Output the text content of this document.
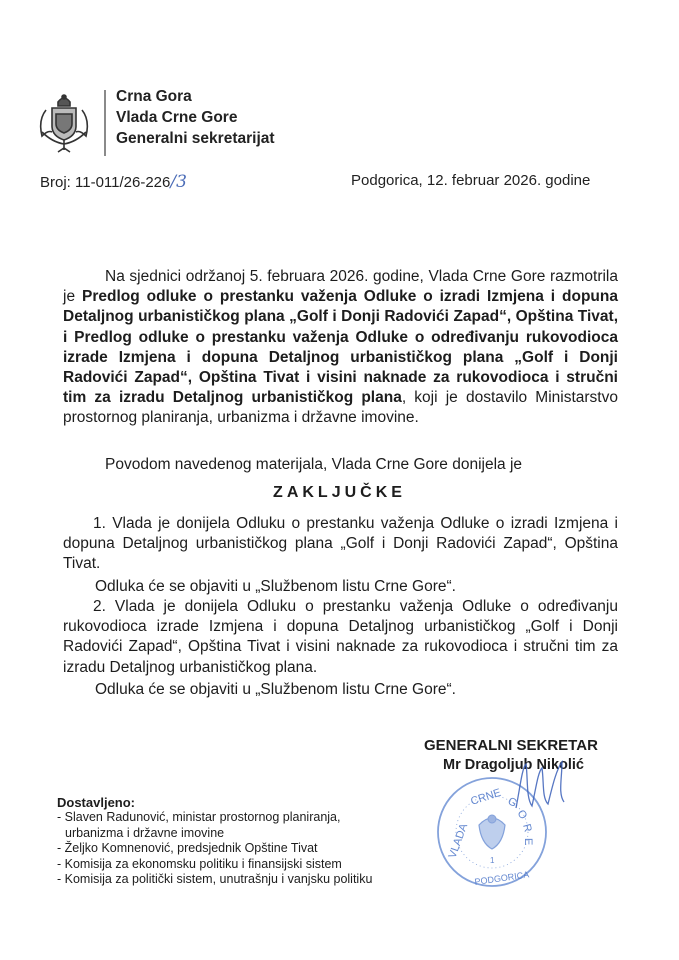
Crna Gora
Vlada Crne Gore
Generalni sekretarijat
Broj: 11-011/26-226/3	Podgorica, 12. februar 2026. godine
Na sjednici održanoj 5. februara 2026. godine, Vlada Crne Gore razmotrila je Predlog odluke o prestanku važenja Odluke o izradi Izmjena i dopuna Detaljnog urbanističkog plana „Golf i Donji Radovići Zapad“, Opština Tivat, i Predlog odluke o prestanku važenja Odluke o određivanju rukovodioca izrade Izmjena i dopuna Detaljnog urbanističkog plana „Golf i Donji Radovići Zapad“, Opština Tivat i visini naknade za rukovodioca i stručni tim za izradu Detaljnog urbanističkog plana, koji je dostavilo Ministarstvo prostornog planiranja, urbanizma i državne imovine.
Povodom navedenog materijala, Vlada Crne Gore donijela je
ZAKLJUČKE
1. Vlada je donijela Odluku o prestanku važenja Odluke o izradi Izmjena i dopuna Detaljnog urbanističkog plana „Golf i Donji Radovići Zapad“, Opština Tivat.
Odluka će se objaviti u „Službenom listu Crne Gore“.
2. Vlada je donijela Odluku o prestanku važenja Odluke o određivanju rukovodioca izrade Izmjena i dopuna Detaljnog urbanističkog „Golf i Donji Radovići Zapad“, Opština Tivat i visini naknade za rukovodioca i stručni tim za izradu Detaljnog urbanističkog plana.
Odluka će se objaviti u „Službenom listu Crne Gore“.
GENERALNI SEKRETAR
Mr Dragoljub Nikolić
CRNE G
O
R
E
VLADA
1
PODGORICA
Dostavljeno:
- Slaven Radunović, ministar prostornog planiranja,
urbanizma i državne imovine
- Željko Komnenović, predsjednik Opštine Tivat
- Komisija za ekonomsku politiku i finansijski sistem
- Komisija za politički sistem, unutrašnju i vanjsku politiku
